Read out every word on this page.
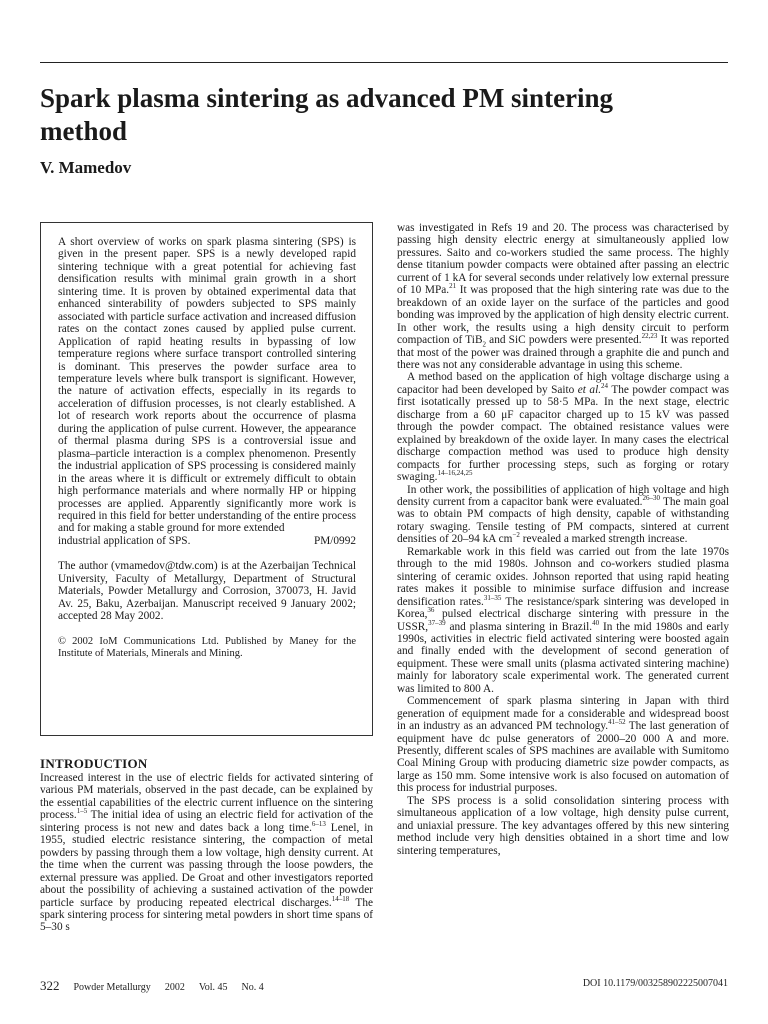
Spark plasma sintering as advanced PM sintering method
V. Mamedov

A short overview of works on spark plasma sintering (SPS) is given in the present paper. SPS is a newly developed rapid sintering technique with a great potential for achieving fast densification results with minimal grain growth in a short sintering time. It is proven by obtained experimental data that enhanced sinterability of powders subjected to SPS mainly associated with particle surface activation and increased diffusion rates on the contact zones caused by applied pulse current. Application of rapid heating results in bypassing of low temperature regions where surface transport controlled sintering is dominant. This preserves the powder surface area to temperature levels where bulk transport is significant. However, the nature of activation effects, especially in its regards to acceleration of diffusion processes, is not clearly established. A lot of research work reports about the occurrence of plasma during the application of pulse current. However, the appearance of thermal plasma during SPS is a controversial issue and plasma–particle interaction is a complex phenomenon. Presently the industrial application of SPS processing is considered mainly in the areas where it is difficult or extremely difficult to obtain high performance materials and where normally HP or hipping processes are applied. Apparently significantly more work is required in this field for better understanding of the entire process and for making a stable ground for more extended

industrial application of SPS.	PM/0992

The author (vmamedov@tdw.com) is at the Azerbaijan Technical University, Faculty of Metallurgy, Department of Structural Materials, Powder Metallurgy and Corrosion, 370073, H. Javid Av. 25, Baku, Azerbaijan. Manuscript received 9 January 2002; accepted 28 May 2002.

© 2002 IoM Communications Ltd. Published by Maney for the Institute of Materials, Minerals and Mining.

INTRODUCTION

Increased interest in the use of electric fields for activated sintering of various PM materials, observed in the past decade, can be explained by the essential capabilities of the electric current influence on the sintering process.$^{1-5}$ The initial idea of using an electric field for activation of the sintering process is not new and dates back a long time.$^{6-13}$ Lenel, in 1955, studied electric resistance sintering, the compaction of metal powders by passing through them a low voltage, high density current. At the time when the current was passing through the loose powders, the external pressure was applied. De Groat and other investigators reported about the possibility of achieving a sustained activation of the powder particle surface by producing repeated electrical discharges.$^{14-18}$ The spark sintering process for sintering metal powders in short time spans of 5–30 s

was investigated in Refs 19 and 20. The process was characterised by passing high density electric energy at simultaneously applied low pressures. Saito and co-workers studied the same process. The highly dense titanium powder compacts were obtained after passing an electric current of 1 kA for several seconds under relatively low external pressure of 10 MPa.$^{21}$ It was proposed that the high sintering rate was due to the breakdown of an oxide layer on the surface of the particles and good bonding was improved by the application of high density electric current. In other work, the results using a high density circuit to perform compaction of TiB$_2$ and SiC powders were presented.$^{22,23}$ It was reported that most of the power was drained through a graphite die and punch and there was not any considerable advantage in using this scheme.

A method based on the application of high voltage discharge using a capacitor had been developed by Saito et al.$^{24}$ The powder compact was first isotatically pressed up to 58·5 MPa. In the next stage, electric discharge from a 60 μF capacitor charged up to 15 kV was passed through the powder compact. The obtained resistance values were explained by breakdown of the oxide layer. In many cases the electrical discharge compaction method was used to produce high density compacts for further processing steps, such as forging or rotary swaging.$^{14-16,24,25}$

In other work, the possibilities of application of high voltage and high density current from a capacitor bank were evaluated.$^{26-30}$ The main goal was to obtain PM compacts of high density, capable of withstanding rotary swaging. Tensile testing of PM compacts, sintered at current densities of 20–94 kA $cm^{-2}$ revealed a marked strength increase.

Remarkable work in this field was carried out from the late 1970s through to the mid 1980s. Johnson and co-workers studied plasma sintering of ceramic oxides. Johnson reported that using rapid heating rates makes it possible to minimise surface diffusion and increase densification rates.$^{31-35}$ The resistance/spark sintering was developed in Korea,$^{36}$ pulsed electrical discharge sintering with pressure in the USSR,$^{37-39}$ and plasma sintering in Brazil.$^{40}$ In the mid 1980s and early 1990s, activities in electric field activated sintering were boosted again and finally ended with the development of second generation of equipment. These were small units (plasma activated sintering machine) mainly for laboratory scale experimental work. The generated current was limited to 800 A.

Commencement of spark plasma sintering in Japan with third generation of equipment made for a considerable and widespread boost in an industry as an advanced PM technology.$^{41-52}$ The last generation of equipment have dc pulse generators of 2000–20 000 A and more. Presently, different scales of SPS machines are available with Sumitomo Coal Mining Group with producing diametric size powder compacts, as large as 150 mm. Some intensive work is also focused on automation of this process for industrial purposes.

The SPS process is a solid consolidation sintering process with simultaneous application of a low voltage, high density pulse current, and uniaxial pressure. The key advantages offered by this new sintering method include very high densities obtained in a short time and low sintering temperatures,

322 Powder Metallurgy 2002 Vol. 45 No. 4	DOI 10.1179/003258902225007041
